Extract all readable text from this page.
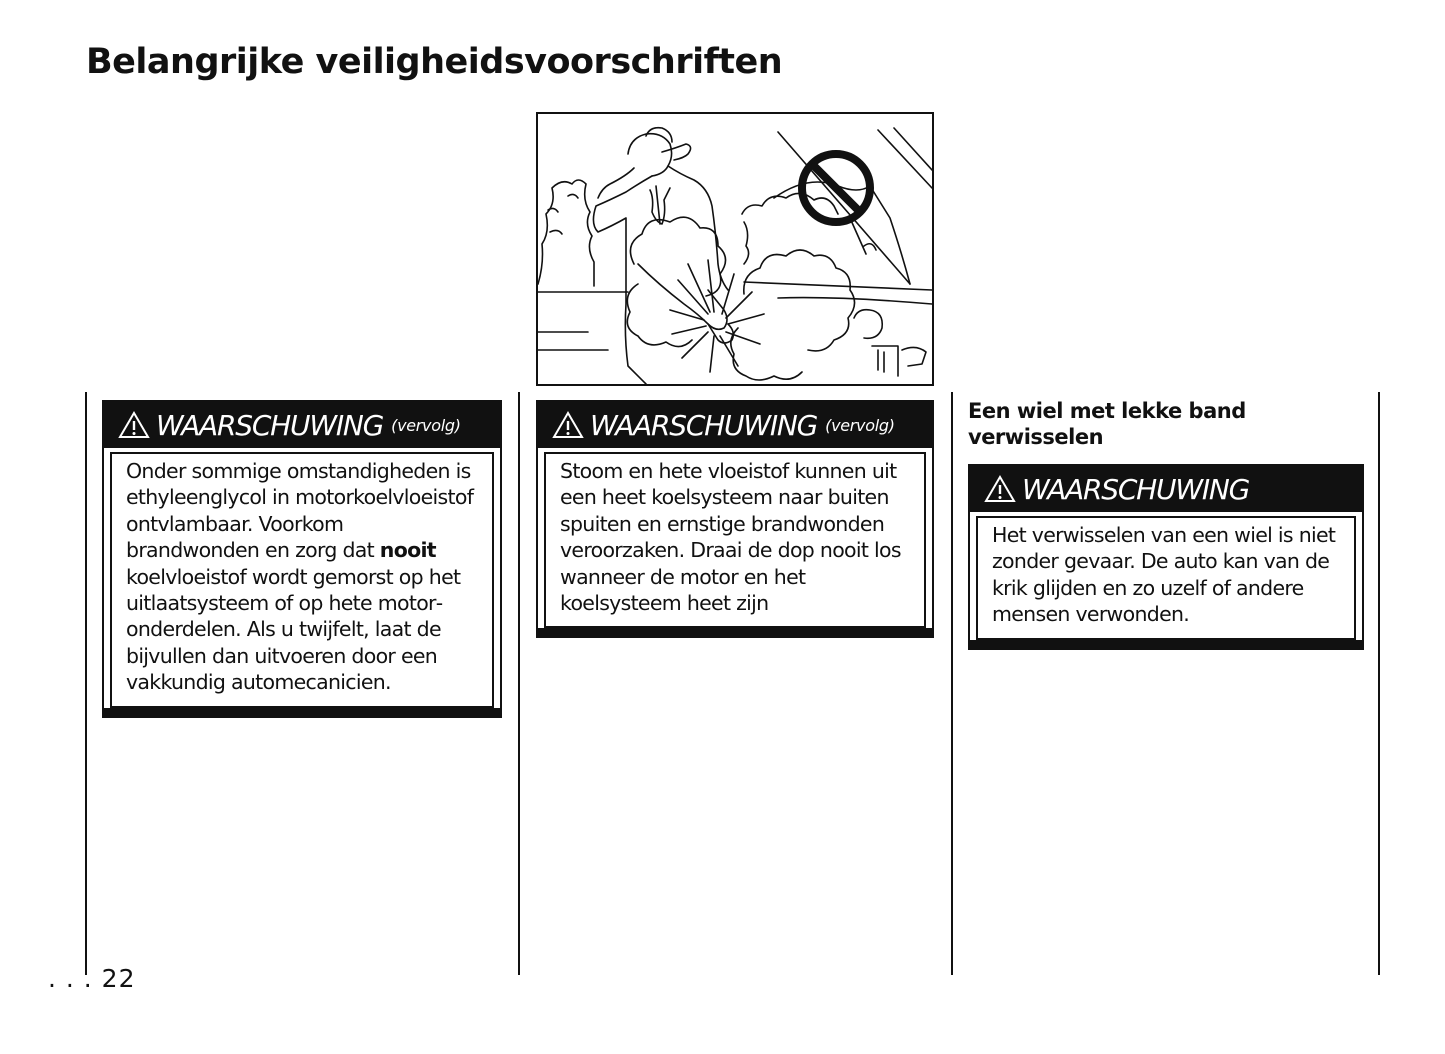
Belangrijke veiligheidsvoorschriften
WAARSCHUWING (vervolg)

Onder sommige omstandigheden is ethyleenglycol in motorkoelvloeistof ontvlambaar. Voorkom brandwonden en zorg dat nooit koelvloeistof wordt gemorst op het uitlaatsysteem of op hete motoronderdelen. Als u twijfelt, laat de bijvullen dan uitvoeren door een vakkundig automecanicien.

WAARSCHUWING (vervolg)

Stoom en hete vloeistof kunnen uit een heet koelsysteem naar buiten spuiten en ernstige brandwonden veroorzaken. Draai de dop nooit los wanneer de motor en het koelsysteem heet zijn

Een wiel met lekke band verwisselen
WAARSCHUWING

Het verwisselen van een wiel is niet zonder gevaar. De auto kan van de krik glijden en zo uzelf of andere mensen verwonden.

. . . 22
